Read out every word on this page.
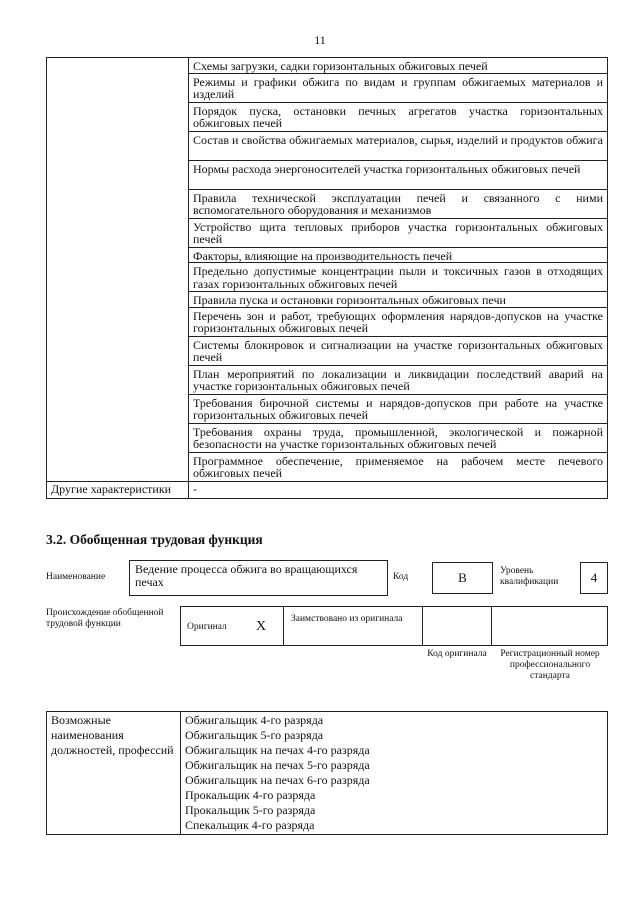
11
	Схемы загрузки, садки горизонтальных обжиговых печей
	Режимы и графики обжига по видам и группам обжигаемых материалов и изделий
	Порядок пуска, остановки печных агрегатов участка горизонтальных обжиговых печей
	Состав и свойства обжигаемых материалов, сырья, изделий и продуктов обжига
	Нормы расхода энергоносителей участка горизонтальных обжиговых печей
	Правила технической эксплуатации печей и связанного с ними вспомогательного оборудования и механизмов
	Устройство щита тепловых приборов участка горизонтальных обжиговых печей
	Факторы, влияющие на производительность печей
	Предельно допустимые концентрации пыли и токсичных газов в отходящих газах горизонтальных обжиговых печей
	Правила пуска и остановки горизонтальных обжиговых печи
	Перечень зон и работ, требующих оформления нарядов-допусков на участке горизонтальных обжиговых печей
	Системы блокировок и сигнализации на участке горизонтальных обжиговых печей
	План мероприятий по локализации и ликвидации последствий аварий на участке горизонтальных обжиговых печей
	Требования бирочной системы и нарядов-допусков при работе на участке горизонтальных обжиговых печей
	Требования охраны труда, промышленной, экологической и пожарной безопасности на участке горизонтальных обжиговых печей
	Программное обеспечение, применяемое на рабочем месте печевого обжиговых печей
Другие характеристики	-
3.2. Обобщенная трудовая функция
Наименование
Ведение процесса обжига во вращающихся печах	Код	B	Уровень квалификации	4
Происхождение обобщенной трудовой функции	Оригинал X	Заимствовано из оригинала
Код оригинала	Регистрационный номер профессионального стандарта
Возможные наименования должностей, профессий	
Обжигальщик 4-го разряда
Обжигальщик 5-го разряда
Обжигальщик на печах 4-го разряда
Обжигальщик на печах 5-го разряда
Обжигальщик на печах 6-го разряда
Прокальщик 4-го разряда
Прокальщик 5-го разряда
Спекальщик 4-го разряда
